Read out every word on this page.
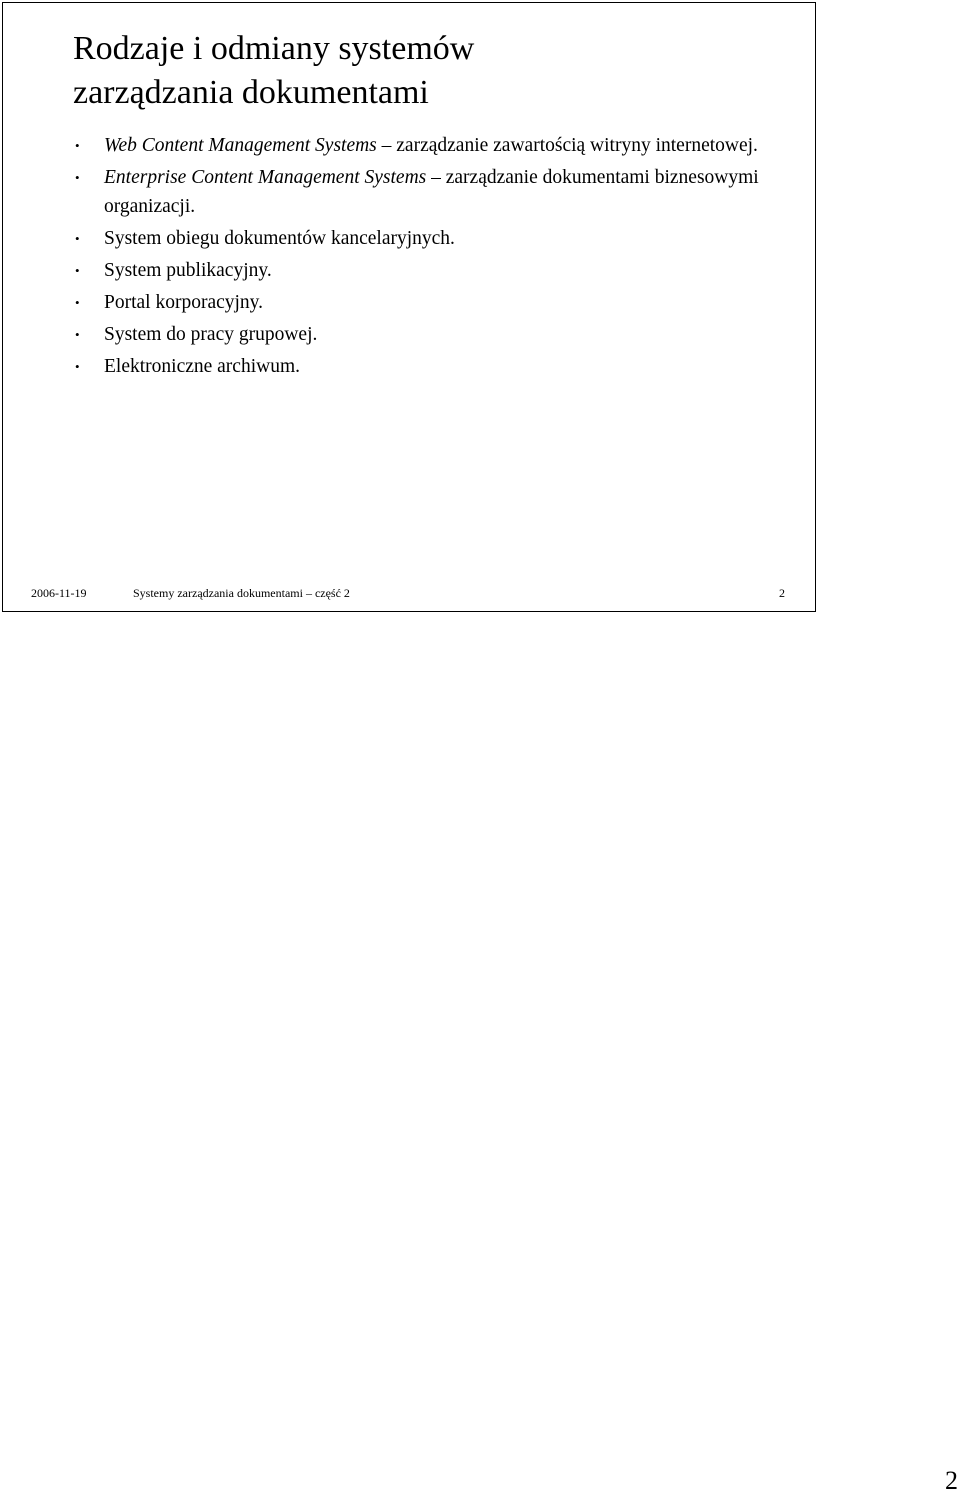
Rodzaje i odmiany systemów
zarządzania dokumentami
• Web Content Management Systems – zarządzanie zawartością witryny internetowej.
• Enterprise Content Management Systems – zarządzanie dokumentami biznesowymi organizacji.
• System obiegu dokumentów kancelaryjnych.
• System publikacyjny.
• Portal korporacyjny.
• System do pracy grupowej.
• Elektroniczne archiwum.
2006-11-19	Systemy zarządzania dokumentami – część 2	2
2
